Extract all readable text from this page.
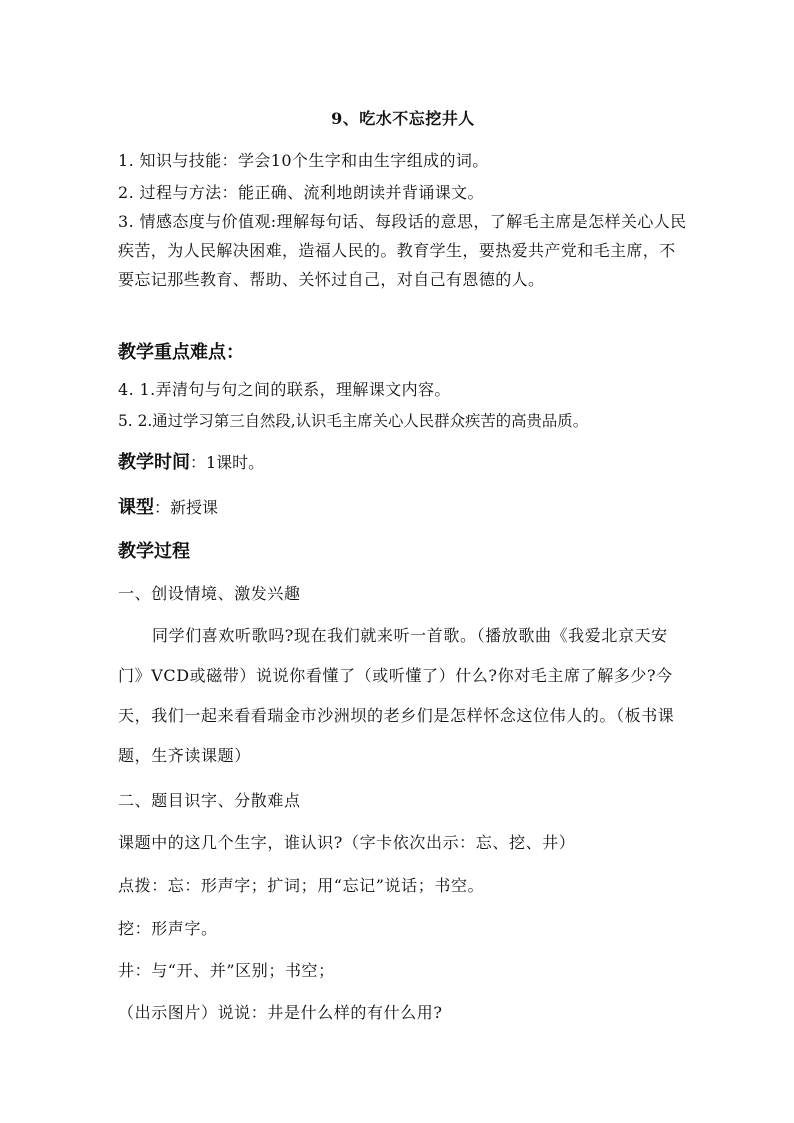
9、吃水不忘挖井人
1. 知识与技能：学会10个生字和由生字组成的词。
2. 过程与方法：能正确、流利地朗读并背诵课文。
3. 情感态度与价值观:理解每句话、每段话的意思，了解毛主席是怎样关心人民疾苦，为人民解决困难，造福人民的。教育学生，要热爱共产党和毛主席，不要忘记那些教育、帮助、关怀过自己，对自己有恩德的人。
教学重点难点：
4. 1.弄清句与句之间的联系，理解课文内容。
5. 2.通过学习第三自然段,认识毛主席关心人民群众疾苦的高贵品质。
教学时间：1课时。
课型：新授课
教学过程
一、创设情境、激发兴趣
同学们喜欢听歌吗?现在我们就来听一首歌。（播放歌曲《我爱北京天安门》VCD或磁带）说说你看懂了（或听懂了）什么?你对毛主席了解多少?今天，我们一起来看看瑞金市沙洲坝的老乡们是怎样怀念这位伟人的。（板书课题，生齐读课题）
二、题目识字、分散难点
课题中的这几个生字，谁认识?（字卡依次出示：忘、挖、井）
点拨：忘：形声字；扩词；用“忘记”说话；书空。
挖：形声字。
井：与“开、并”区别；书空；
（出示图片）说说：井是什么样的有什么用?
